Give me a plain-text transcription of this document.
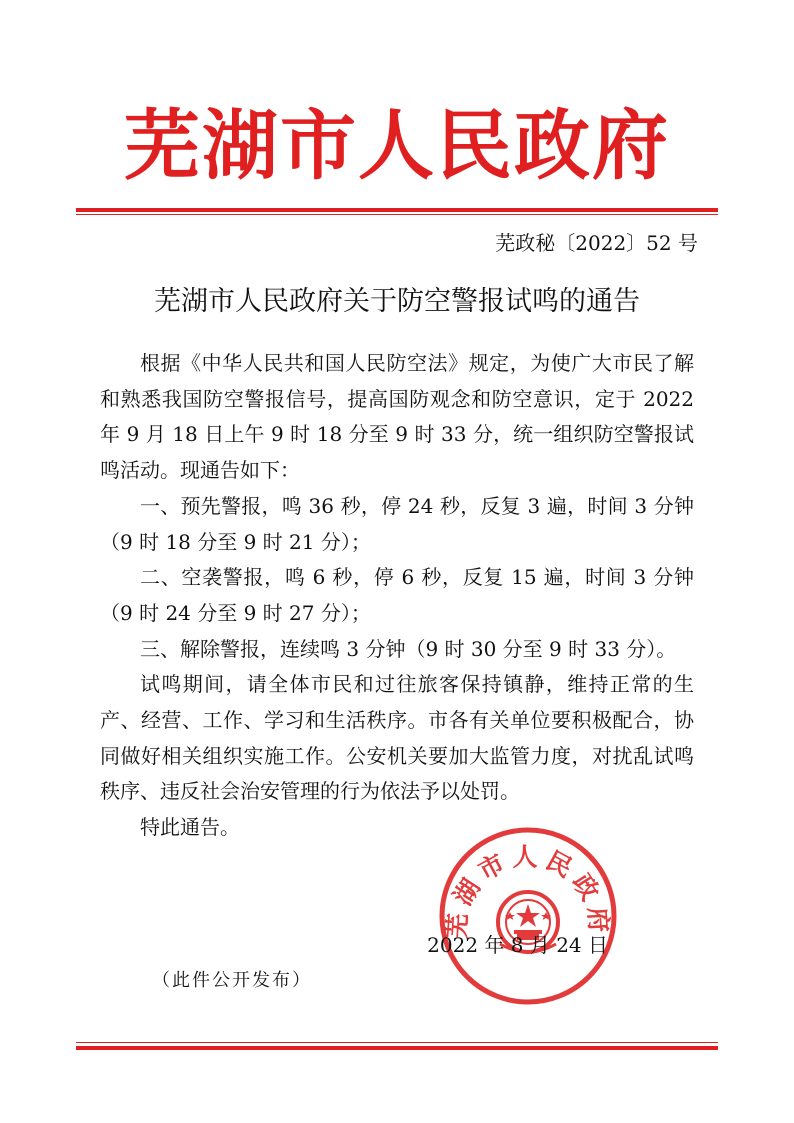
芜湖市人民政府
芜政秘〔2022〕52 号
芜湖市人民政府关于防空警报试鸣的通告

根据《中华人民共和国人民防空法》规定，为使广大市民了解和熟悉我国防空警报信号，提高国防观念和防空意识，定于 2022 年 9 月 18 日上午 9 时 18 分至 9 时 33 分，统一组织防空警报试鸣活动。现通告如下：

一、预先警报，鸣 36 秒，停 24 秒，反复 3 遍，时间 3 分钟（9 时 18 分至 9 时 21 分）；

二、空袭警报，鸣 6 秒，停 6 秒，反复 15 遍，时间 3 分钟（9 时 24 分至 9 时 27 分）；

三、解除警报，连续鸣 3 分钟（9 时 30 分至 9 时 33 分）。

试鸣期间，请全体市民和过往旅客保持镇静，维持正常的生产、经营、工作、学习和生活秩序。市各有关单位要积极配合，协同做好相关组织实施工作。公安机关要加大监管力度，对扰乱试鸣秩序、违反社会治安管理的行为依法予以处罚。

特此通告。

芜湖市人民政府
2022 年 8 月 24 日
（此件公开发布）
